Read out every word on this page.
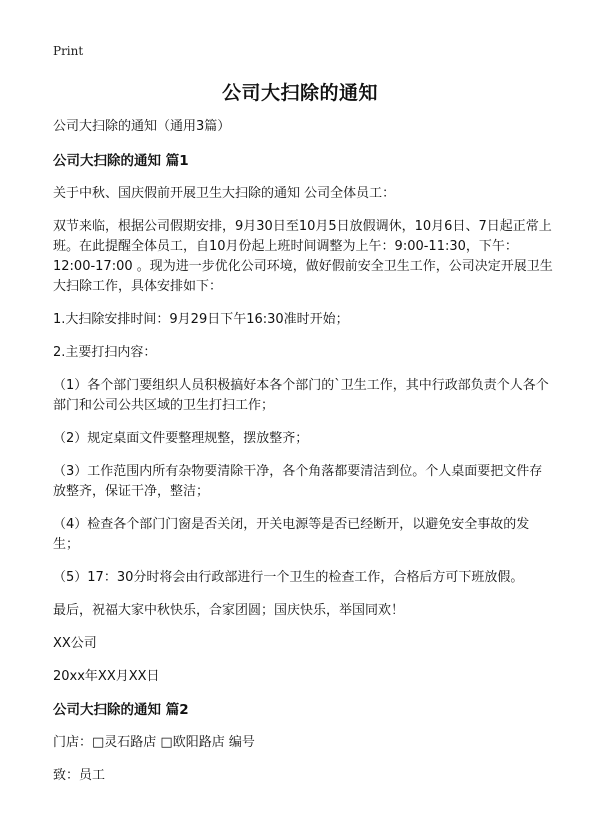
Print
公司大扫除的通知

公司大扫除的通知（通用3篇）

公司大扫除的通知 篇1

关于中秋、国庆假前开展卫生大扫除的通知 公司全体员工：

双节来临，根据公司假期安排，9月30日至10月5日放假调休，10月6日、7日起正常上班。在此提醒全体员工，自10月份起上班时间调整为上午：9:00-11:30，下午：12:00-17:00 。现为进一步优化公司环境，做好假前安全卫生工作，公司决定开展卫生大扫除工作，具体安排如下：

1.大扫除安排时间：9月29日下午16:30准时开始；

2.主要打扫内容：

（1）各个部门要组织人员积极搞好本各个部门的`卫生工作，其中行政部负责个人各个部门和公司公共区域的卫生打扫工作；

（2）规定桌面文件要整理规整，摆放整齐；

（3）工作范围内所有杂物要清除干净，各个角落都要清洁到位。个人桌面要把文件存放整齐，保证干净，整洁；

（4）检查各个部门门窗是否关闭，开关电源等是否已经断开，以避免安全事故的发生；

（5）17：30分时将会由行政部进行一个卫生的检查工作，合格后方可下班放假。

最后，祝福大家中秋快乐，合家团圆；国庆快乐，举国同欢！

XX公司

20xx年XX月XX日

公司大扫除的通知 篇2

门店：□灵石路店 □欧阳路店 编号

致：员工
